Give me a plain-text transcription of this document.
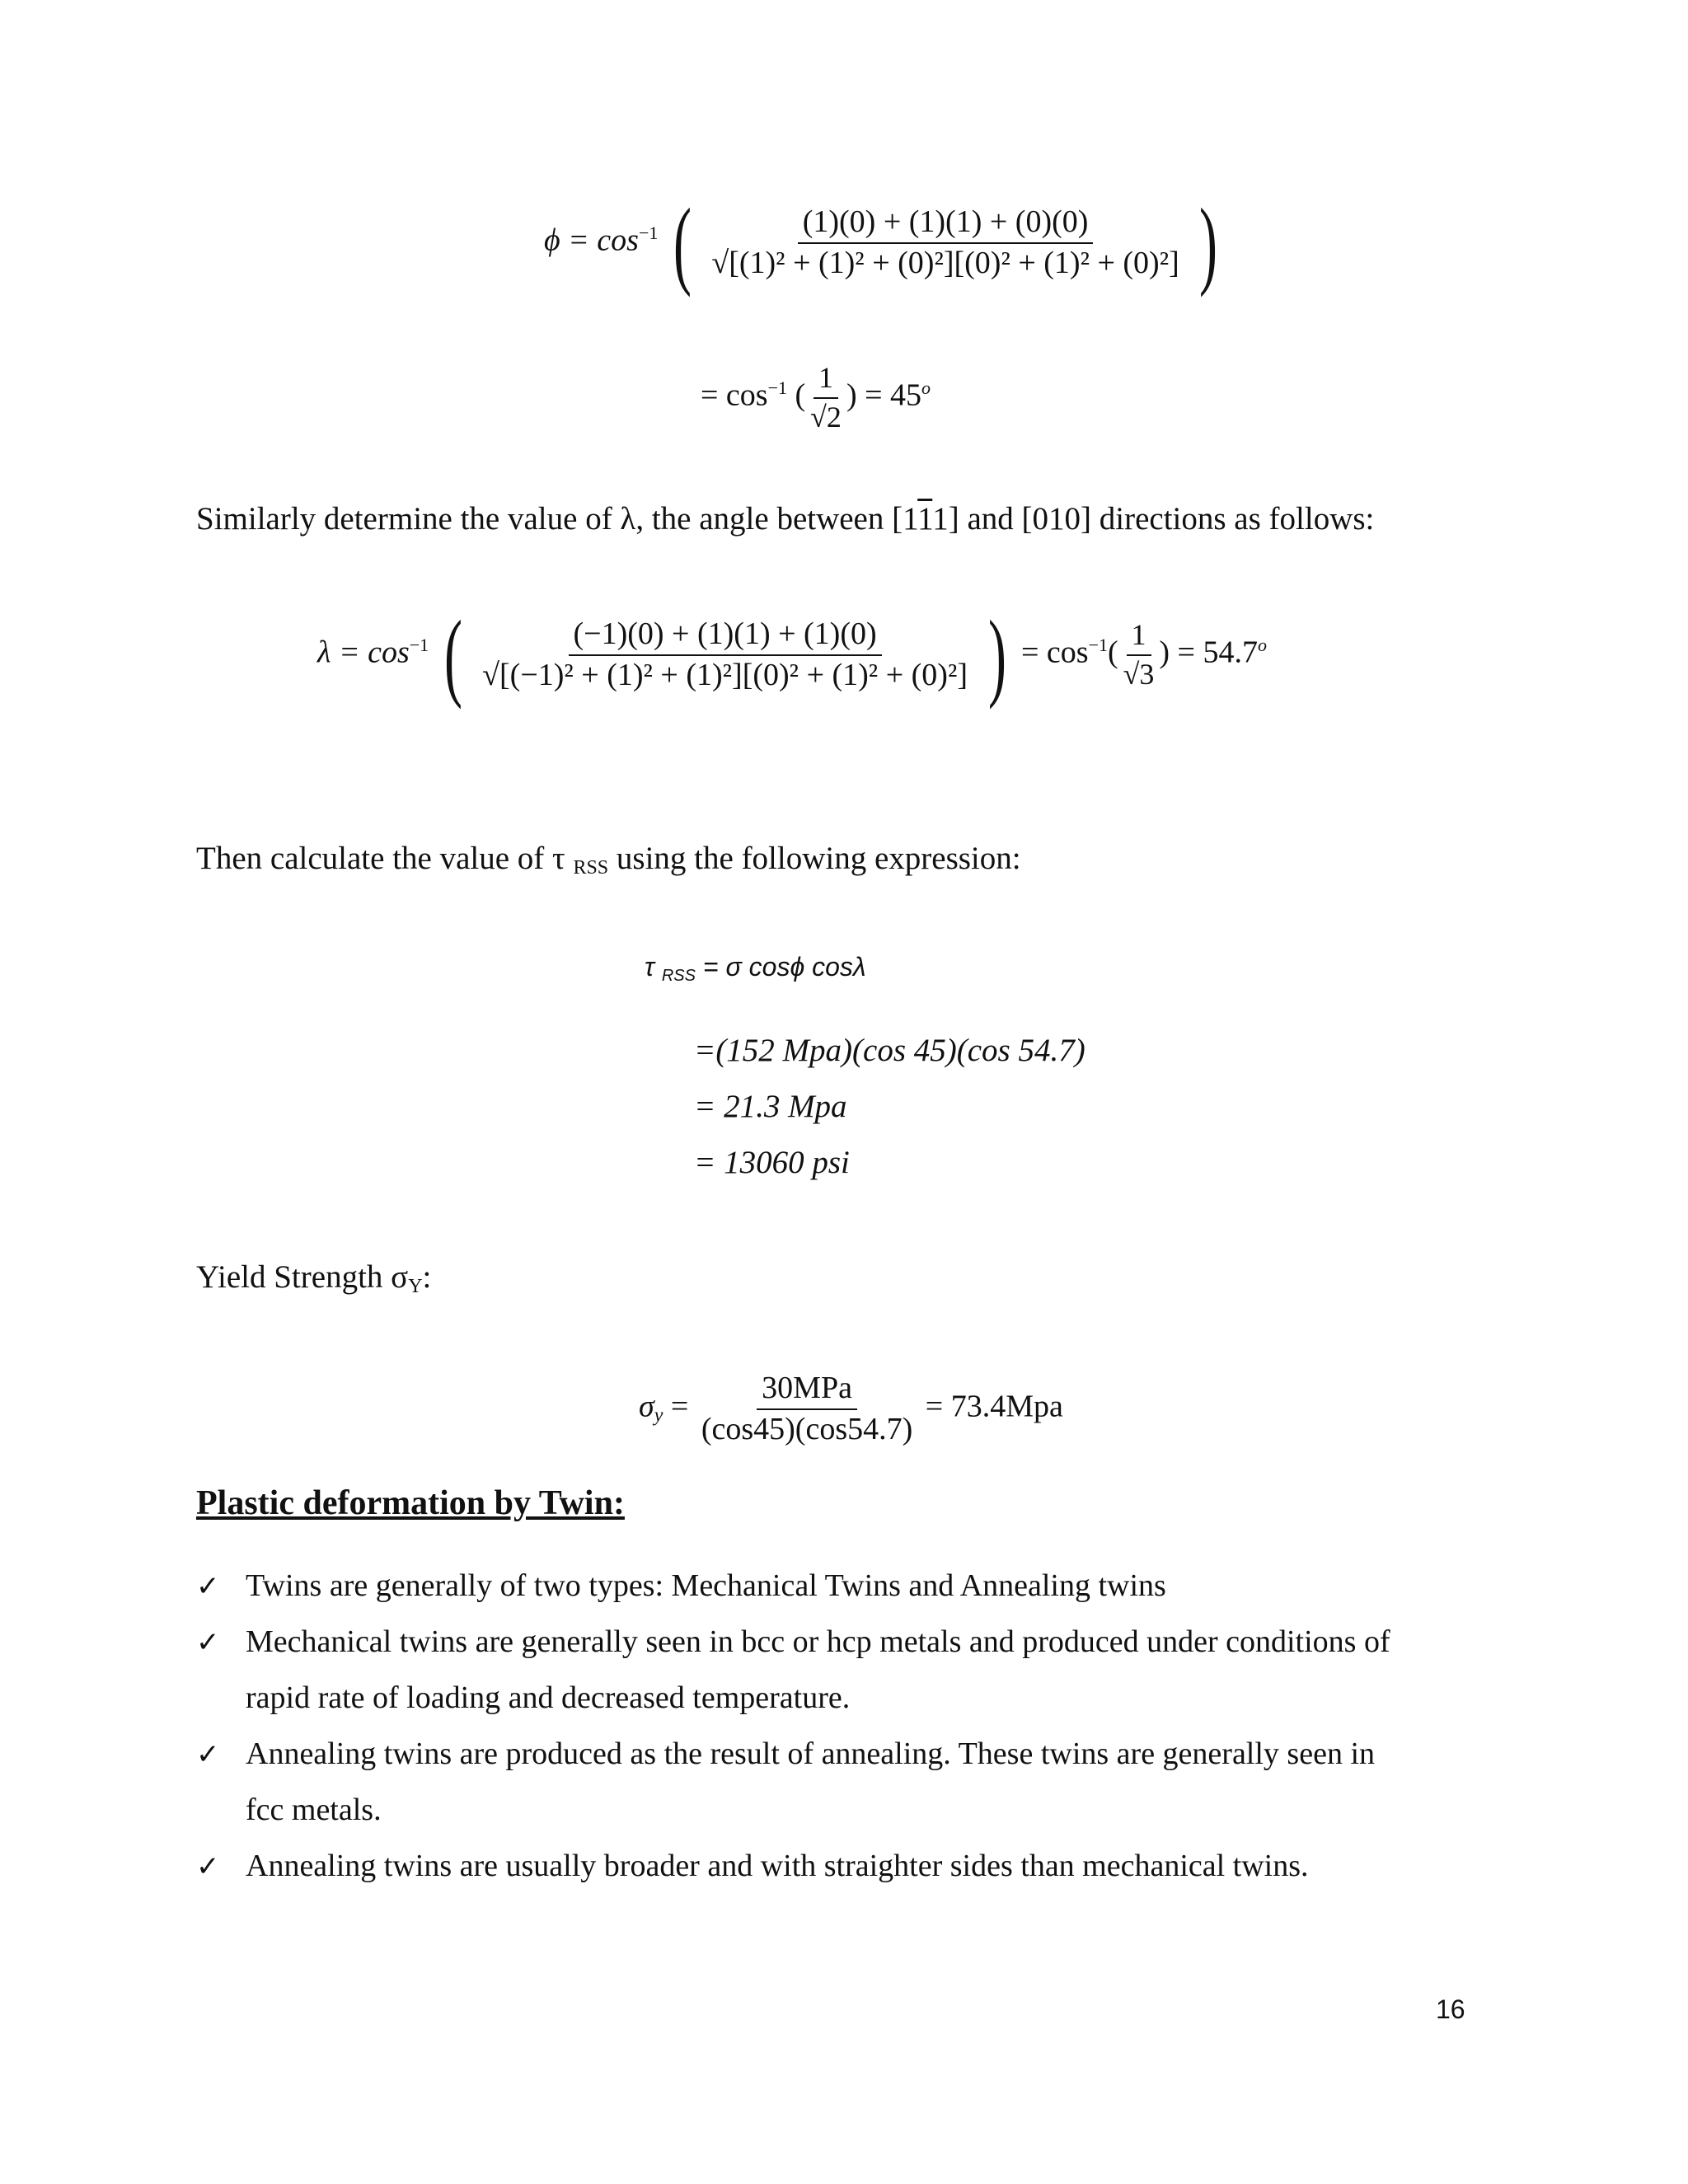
$\phi = \cos^{-1}$ ( $\frac{(1)(0) + (1)(1) + (0)(0)}{\text{√[(1)² + (1)² + (0)²][(0)² + (1)² + (0)²]}}$ )
= $\cos^{-1}$ ( $\frac{1}{√2}$ ) = $45^o$
Similarly determine the value of λ, the angle between [111] and [010] directions as follows:
$\lambda = \cos^{-1}$ ( $\frac{(-1)(0) + (1)(1) + (1)(0)}{\text{√[(−1)² + (1)² + (1)²][(0)² + (1)² + (0)²]}}$ ) = $\cos^{-1}( \frac{1}{√3}$ ) = $54.7^o$
Then calculate the value of τ $_{RSS}$ using the following expression:
τ $_{RSS}$ = σ cosϕ cosλ
=(152 Mpa)(cos 45)(cos 54.7)
= 21.3 Mpa
= 13060 psi
Yield Strength $\sigma_Y$:
$\sigma_y = \frac{\text{30MPa}}{(\cos 45)(\cos 54.7)} = 73.4Mpa$
Plastic deformation by Twin:
✓ Twins are generally of two types: Mechanical Twins and Annealing twins
✓ Mechanical twins are generally seen in bcc or hcp metals and produced under conditions of
rapid rate of loading and decreased temperature.
✓ Annealing twins are produced as the result of annealing. These twins are generally seen in
fcc metals.
✓ Annealing twins are usually broader and with straighter sides than mechanical twins.
16
